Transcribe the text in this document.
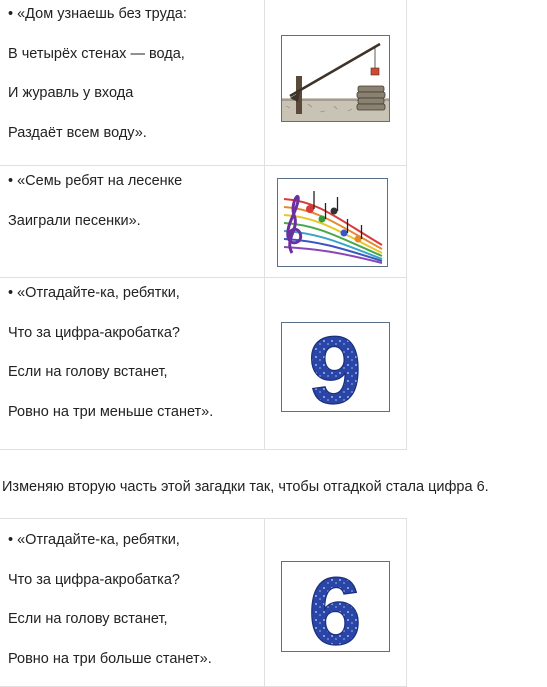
• «Дом узнаешь без труда:
В четырёх стенах — вода,
И журавль у входа
Раздаёт всем воду».

• «Семь ребят на лесенке
Заиграли песенки».

• «Отгадайте-ка, ребятки,
Что за цифра-акробатка?
Если на голову встанет,
Ровно на три меньше станет».	9
Изменяю вторую часть этой загадки так, чтобы отгадкой стала цифра 6.
• «Отгадайте-ка, ребятки,
Что за цифра-акробатка?
Если на голову встанет,
Ровно на три больше станет».	6
